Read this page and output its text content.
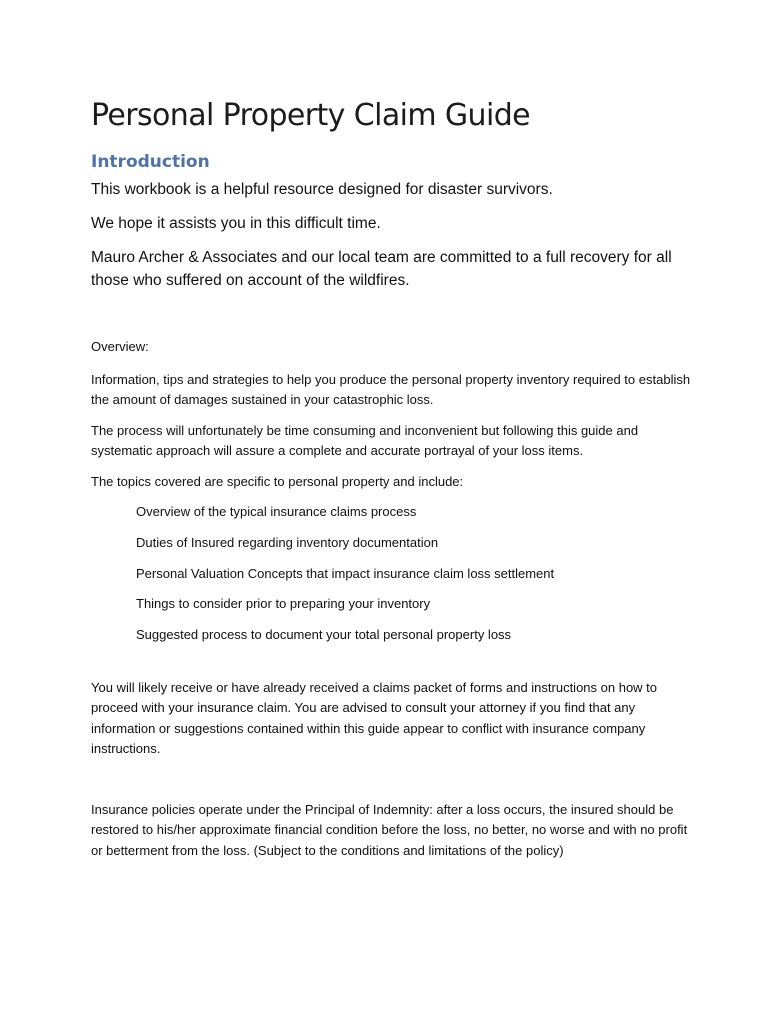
Personal Property Claim Guide
Introduction

This workbook is a helpful resource designed for disaster survivors.

We hope it assists you in this difficult time.

Mauro Archer & Associates and our local team are committed to a full recovery for all those who suffered on account of the wildfires.

Overview:

Information, tips and strategies to help you produce the personal property inventory required to establish the amount of damages sustained in your catastrophic loss.

The process will unfortunately be time consuming and inconvenient but following this guide and systematic approach will assure a complete and accurate portrayal of your loss items.

The topics covered are specific to personal property and include:

Overview of the typical insurance claims process
Duties of Insured regarding inventory documentation
Personal Valuation Concepts that impact insurance claim loss settlement
Things to consider prior to preparing your inventory
Suggested process to document your total personal property loss

You will likely receive or have already received a claims packet of forms and instructions on how to proceed with your insurance claim. You are advised to consult your attorney if you find that any information or suggestions contained within this guide appear to conflict with insurance company instructions.

Insurance policies operate under the Principal of Indemnity: after a loss occurs, the insured should be restored to his/her approximate financial condition before the loss, no better, no worse and with no profit or betterment from the loss. (Subject to the conditions and limitations of the policy)
